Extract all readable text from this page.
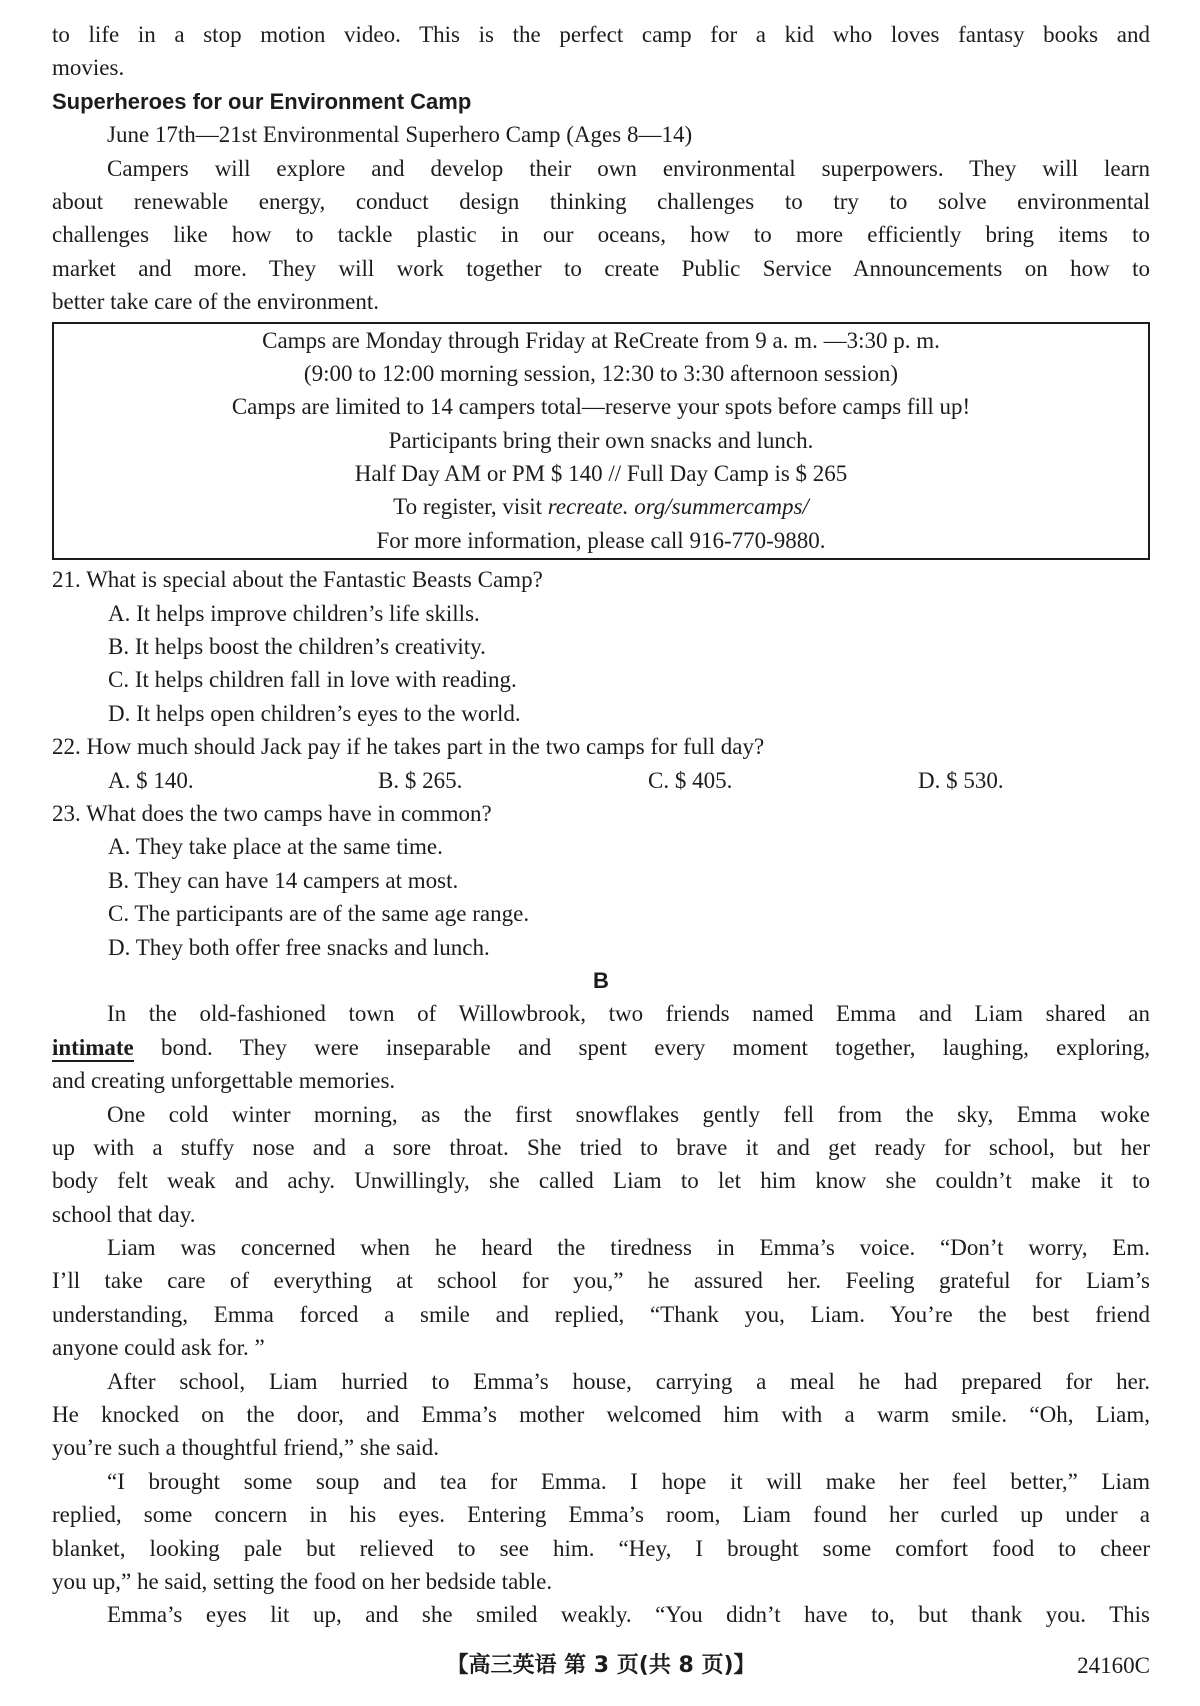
to life in a stop motion video. This is the perfect camp for a kid who loves fantasy books and
movies.
Superheroes for our Environment Camp
June 17th—21st Environmental Superhero Camp (Ages 8—14)
Campers will explore and develop their own environmental superpowers. They will learn
about renewable energy, conduct design thinking challenges to try to solve environmental
challenges like how to tackle plastic in our oceans, how to more efficiently bring items to
market and more. They will work together to create Public Service Announcements on how to
better take care of the environment.
Camps are Monday through Friday at ReCreate from 9 a. m. —3:30 p. m.
(9:00 to 12:00 morning session, 12:30 to 3:30 afternoon session)
Camps are limited to 14 campers total—reserve your spots before camps fill up!
Participants bring their own snacks and lunch.
Half Day AM or PM $ 140 // Full Day Camp is $ 265
To register, visit recreate. org/summercamps/
For more information, please call 916-770-9880.
21. What is special about the Fantastic Beasts Camp?
A. It helps improve children’s life skills.
B. It helps boost the children’s creativity.
C. It helps children fall in love with reading.
D. It helps open children’s eyes to the world.
22. How much should Jack pay if he takes part in the two camps for full day?
A. $ 140.	B. $ 265.	C. $ 405.	D. $ 530.
23. What does the two camps have in common?
A. They take place at the same time.
B. They can have 14 campers at most.
C. The participants are of the same age range.
D. They both offer free snacks and lunch.
B
In the old-fashioned town of Willowbrook, two friends named Emma and Liam shared an
intimate bond. They were inseparable and spent every moment together, laughing, exploring,
and creating unforgettable memories.
One cold winter morning, as the first snowflakes gently fell from the sky, Emma woke
up with a stuffy nose and a sore throat. She tried to brave it and get ready for school, but her
body felt weak and achy. Unwillingly, she called Liam to let him know she couldn’t make it to
school that day.
Liam was concerned when he heard the tiredness in Emma’s voice. “Don’t worry, Em.
I’ll take care of everything at school for you,” he assured her. Feeling grateful for Liam’s
understanding, Emma forced a smile and replied, “Thank you, Liam. You’re the best friend
anyone could ask for. ”
After school, Liam hurried to Emma’s house, carrying a meal he had prepared for her.
He knocked on the door, and Emma’s mother welcomed him with a warm smile. “Oh, Liam,
you’re such a thoughtful friend,” she said.
“I brought some soup and tea for Emma. I hope it will make her feel better,” Liam
replied, some concern in his eyes. Entering Emma’s room, Liam found her curled up under a
blanket, looking pale but relieved to see him. “Hey, I brought some comfort food to cheer
you up,” he said, setting the food on her bedside table.
Emma’s eyes lit up, and she smiled weakly. “You didn’t have to, but thank you. This
【高三英语 第 3 页(共 8 页)】	24160C
